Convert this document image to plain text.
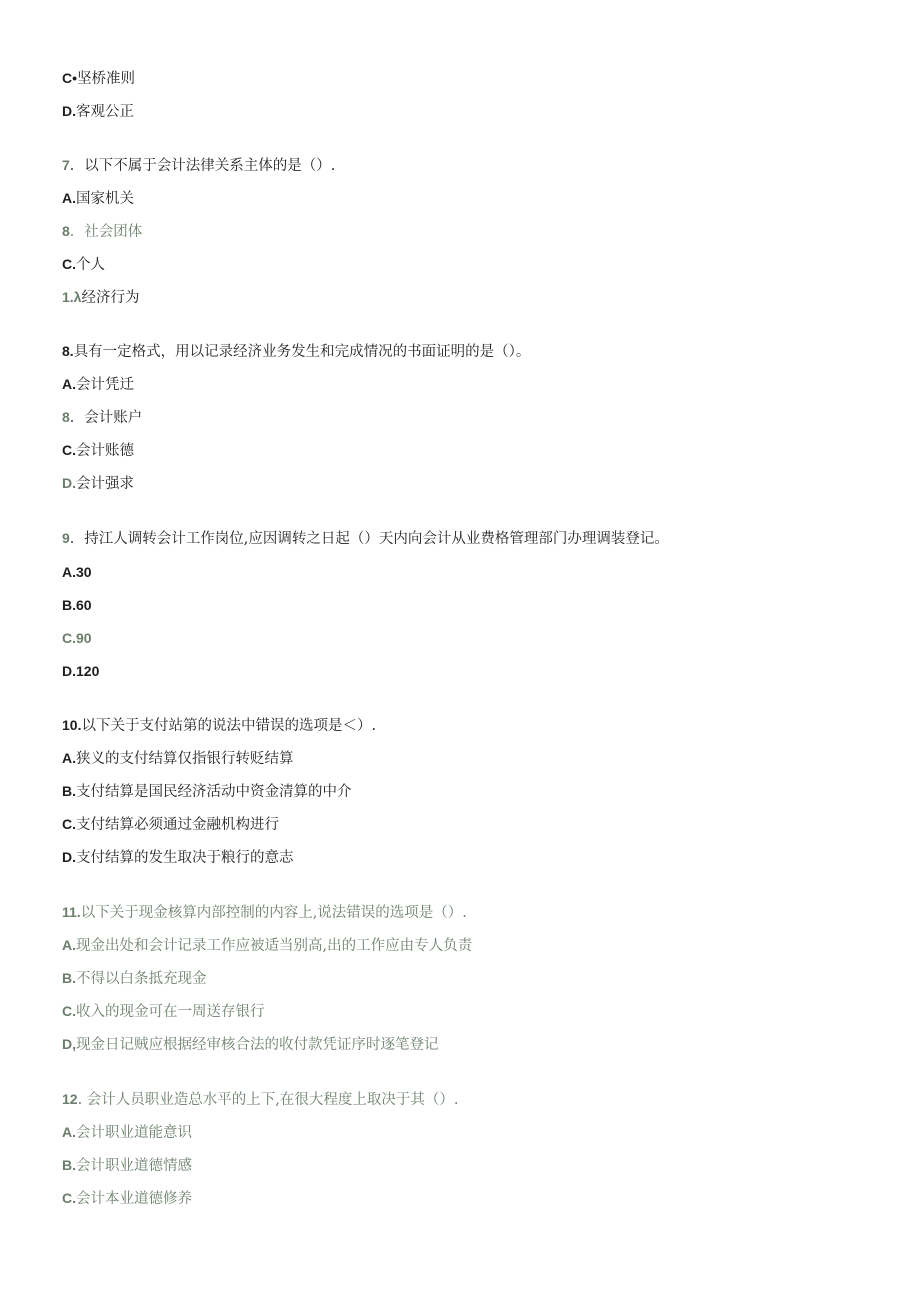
C•坚桥准则
D.客观公正
7．以下不属于会计法律关系主体的是（）.
A.国家机关
8．社会团体
C.个人
1.λ经济行为
8.具有一定格式，用以记录经济业务发生和完成情况的书面证明的是（）。
A.会计凭迁
8．会计账户
C.会计账德
D.会计强求
9．持江人调转会计工作岗位,应因调转之日起（）天内向会计从业费格管理部门办理调装登记。
A.30
B.60
C.90
D.120
10.以下关于支付站第的说法中错误的选项是＜）.
A.狭义的支付结算仅指银行转贬结算
B.支付结算是国民经济活动中资金清算的中介
C.支付结算必须通过金融机构进行
D.支付结算的发生取决于粮行的意志
11.以下关于现金核算内部控制的内容上,说法错误的选项是（）.
A.现金出处和会计记录工作应被适当别高,出的工作应由专人负责
B.不得以白条抵充现金
C.收入的现金可在一周送存银行
D,现金日记贼应根据经审核合法的收付款凭证序时逐笔登记
12. 会计人员职业造总水平的上下,在很大程度上取决于其（）.
A.会计职业道能意识
B.会计职业道德情感
C.会计本业道德修养
